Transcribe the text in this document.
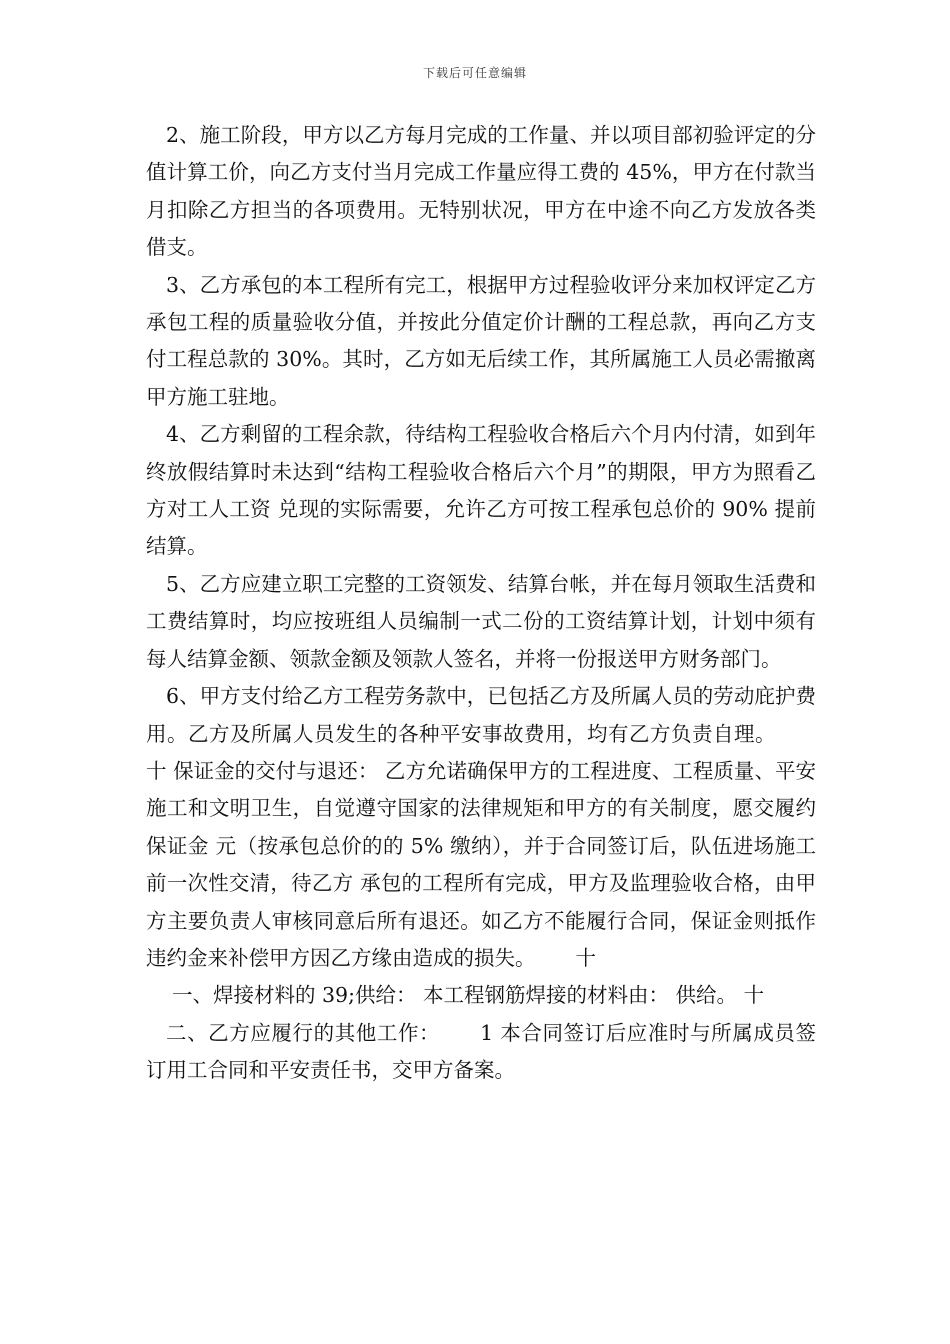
下载后可任意编辑

2、施工阶段，甲方以乙方每月完成的工作量、并以项目部初验评定的分值计算工价，向乙方支付当月完成工作量应得工费的 45%，甲方在付款当月扣除乙方担当的各项费用。无特别状况，甲方在中途不向乙方发放各类借支。

3、乙方承包的本工程所有完工，根据甲方过程验收评分来加权评定乙方承包工程的质量验收分值，并按此分值定价计酬的工程总款，再向乙方支付工程总款的 30%。其时，乙方如无后续工作，其所属施工人员必需撤离甲方施工驻地。

4、乙方剩留的工程余款，待结构工程验收合格后六个月内付清，如到年终放假结算时未达到“结构工程验收合格后六个月”的期限，甲方为照看乙方对工人工资 兑现的实际需要，允许乙方可按工程承包总价的 90% 提前结算。

5、乙方应建立职工完整的工资领发、结算台帐，并在每月领取生活费和工费结算时，均应按班组人员编制一式二份的工资结算计划，计划中须有每人结算金额、领款金额及领款人签名，并将一份报送甲方财务部门。

6、甲方支付给乙方工程劳务款中，已包括乙方及所属人员的劳动庇护费用。乙方及所属人员发生的各种平安事故费用，均有乙方负责自理。十 保证金的交付与退还： 乙方允诺确保甲方的工程进度、工程质量、平安施工和文明卫生，自觉遵守国家的法律规矩和甲方的有关制度，愿交履约保证金 元（按承包总价的的 5% 缴纳），并于合同签订后，队伍进场施工前一次性交清，待乙方 承包的工程所有完成，甲方及监理验收合格，由甲方主要负责人审核同意后所有退还。如乙方不能履行合同，保证金则抵作违约金来补偿甲方因乙方缘由造成的损失。 十

一、焊接材料的 39;供给： 本工程钢筋焊接的材料由： 供给。 十

二、乙方应履行的其他工作： 1 本合同签订后应准时与所属成员签订用工合同和平安责任书，交甲方备案。
